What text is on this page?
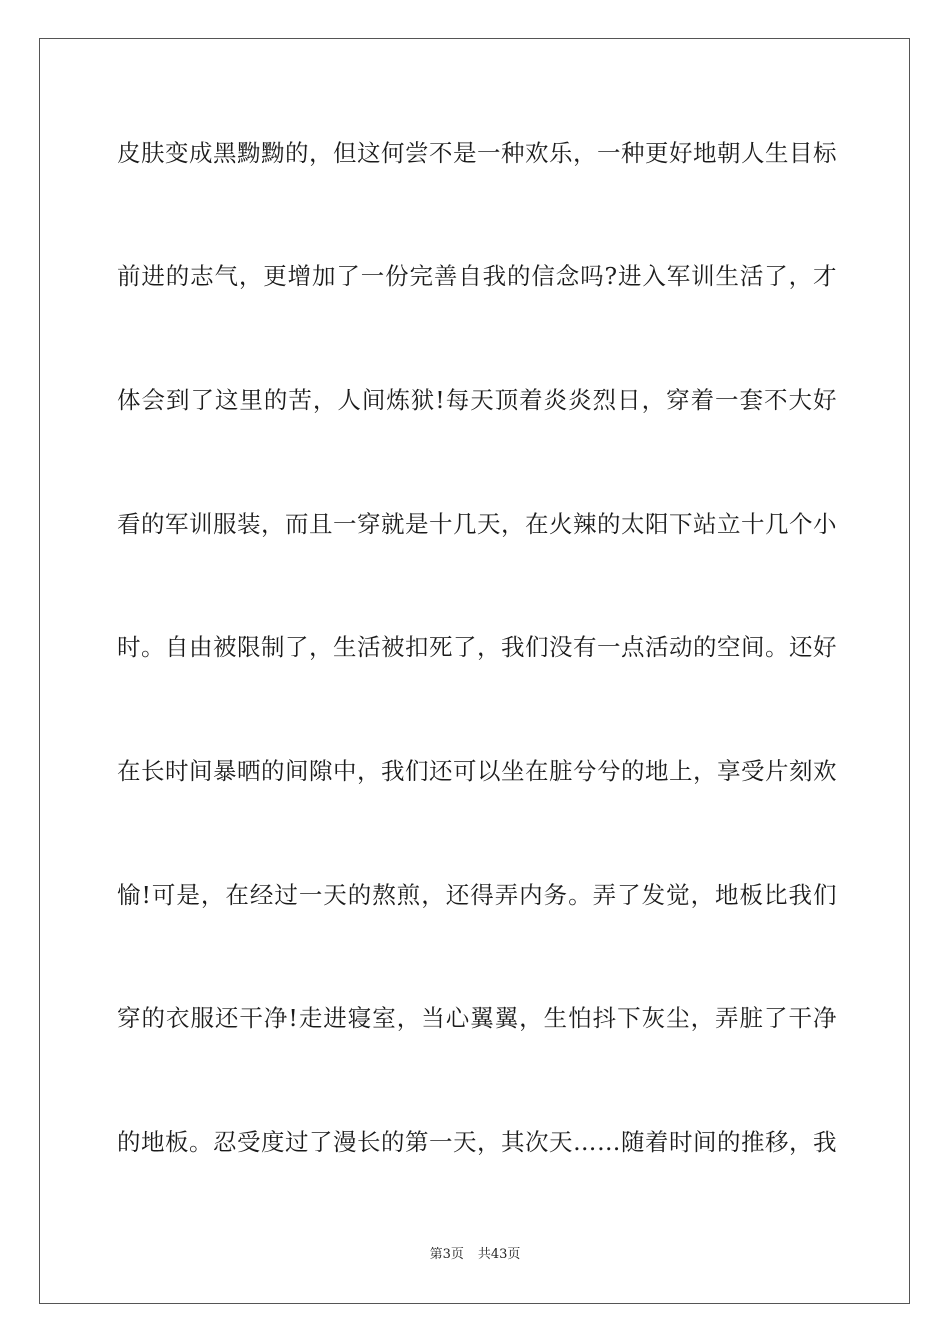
皮肤变成黑黝黝的，但这何尝不是一种欢乐，一种更好地朝人生目标
前进的志气，更增加了一份完善自我的信念吗?进入军训生活了，才
体会到了这里的苦，人间炼狱!每天顶着炎炎烈日，穿着一套不大好
看的军训服装，而且一穿就是十几天，在火辣的太阳下站立十几个小
时。自由被限制了，生活被扣死了，我们没有一点活动的空间。还好
在长时间暴晒的间隙中，我们还可以坐在脏兮兮的地上，享受片刻欢
愉!可是，在经过一天的熬煎，还得弄内务。弄了发觉，地板比我们
穿的衣服还干净!走进寝室，当心翼翼，生怕抖下灰尘，弄脏了干净
的地板。忍受度过了漫长的第一天，其次天……随着时间的推移，我
第3页 共43页
